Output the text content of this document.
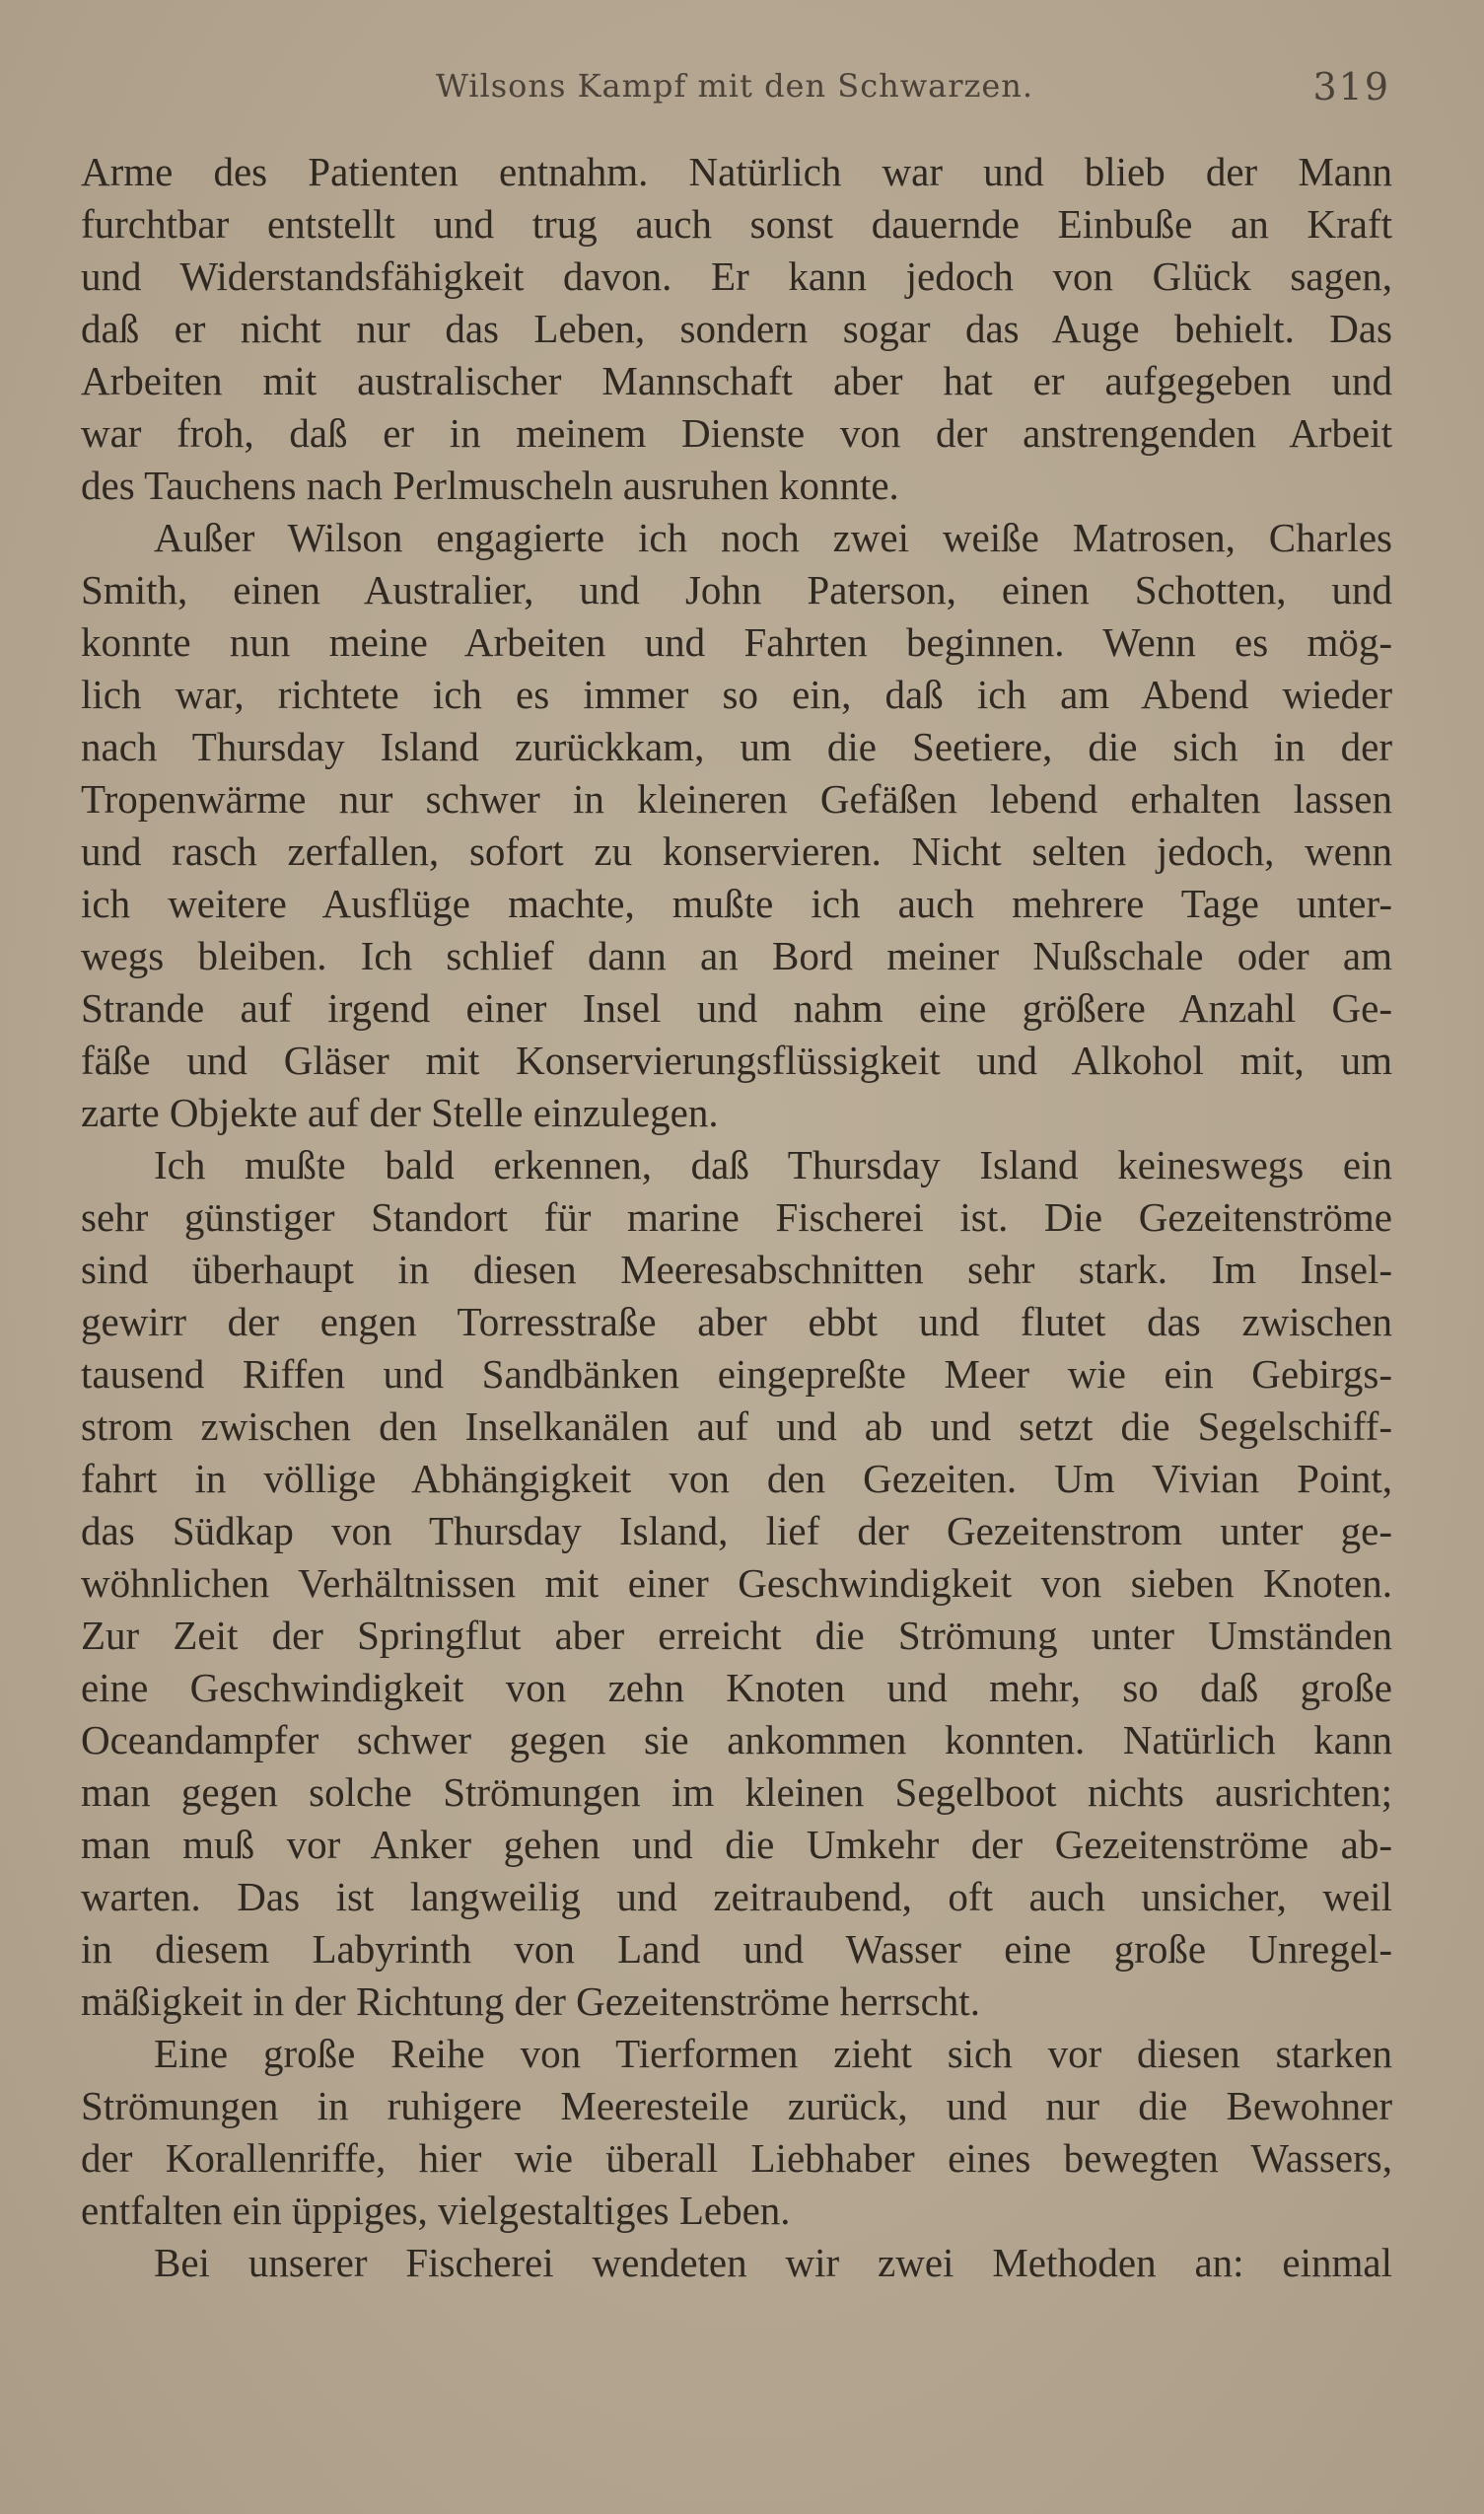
Wilsons Kampf mit den Schwarzen.	319
Arme des Patienten entnahm. Natürlich war und blieb der Mann
furchtbar entstellt und trug auch sonst dauernde Einbuße an Kraft
und Widerstandsfähigkeit davon. Er kann jedoch von Glück sagen,
daß er nicht nur das Leben, sondern sogar das Auge behielt. Das
Arbeiten mit australischer Mannschaft aber hat er aufgegeben und
war froh, daß er in meinem Dienste von der anstrengenden Arbeit
des Tauchens nach Perlmuscheln ausruhen konnte.
Außer Wilson engagierte ich noch zwei weiße Matrosen, Charles
Smith, einen Australier, und John Paterson, einen Schotten, und
konnte nun meine Arbeiten und Fahrten beginnen. Wenn es mög-
lich war, richtete ich es immer so ein, daß ich am Abend wieder
nach Thursday Island zurückkam, um die Seetiere, die sich in der
Tropenwärme nur schwer in kleineren Gefäßen lebend erhalten lassen
und rasch zerfallen, sofort zu konservieren. Nicht selten jedoch, wenn
ich weitere Ausflüge machte, mußte ich auch mehrere Tage unter-
wegs bleiben. Ich schlief dann an Bord meiner Nußschale oder am
Strande auf irgend einer Insel und nahm eine größere Anzahl Ge-
fäße und Gläser mit Konservierungsflüssigkeit und Alkohol mit, um
zarte Objekte auf der Stelle einzulegen.
Ich mußte bald erkennen, daß Thursday Island keineswegs ein
sehr günstiger Standort für marine Fischerei ist. Die Gezeitenströme
sind überhaupt in diesen Meeresabschnitten sehr stark. Im Insel-
gewirr der engen Torresstraße aber ebbt und flutet das zwischen
tausend Riffen und Sandbänken eingepreßte Meer wie ein Gebirgs-
strom zwischen den Inselkanälen auf und ab und setzt die Segelschiff-
fahrt in völlige Abhängigkeit von den Gezeiten. Um Vivian Point,
das Südkap von Thursday Island, lief der Gezeitenstrom unter ge-
wöhnlichen Verhältnissen mit einer Geschwindigkeit von sieben Knoten.
Zur Zeit der Springflut aber erreicht die Strömung unter Umständen
eine Geschwindigkeit von zehn Knoten und mehr, so daß große
Oceandampfer schwer gegen sie ankommen konnten. Natürlich kann
man gegen solche Strömungen im kleinen Segelboot nichts ausrichten;
man muß vor Anker gehen und die Umkehr der Gezeitenströme ab-
warten. Das ist langweilig und zeitraubend, oft auch unsicher, weil
in diesem Labyrinth von Land und Wasser eine große Unregel-
mäßigkeit in der Richtung der Gezeitenströme herrscht.
Eine große Reihe von Tierformen zieht sich vor diesen starken
Strömungen in ruhigere Meeresteile zurück, und nur die Bewohner
der Korallenriffe, hier wie überall Liebhaber eines bewegten Wassers,
entfalten ein üppiges, vielgestaltiges Leben.
Bei unserer Fischerei wendeten wir zwei Methoden an: einmal
